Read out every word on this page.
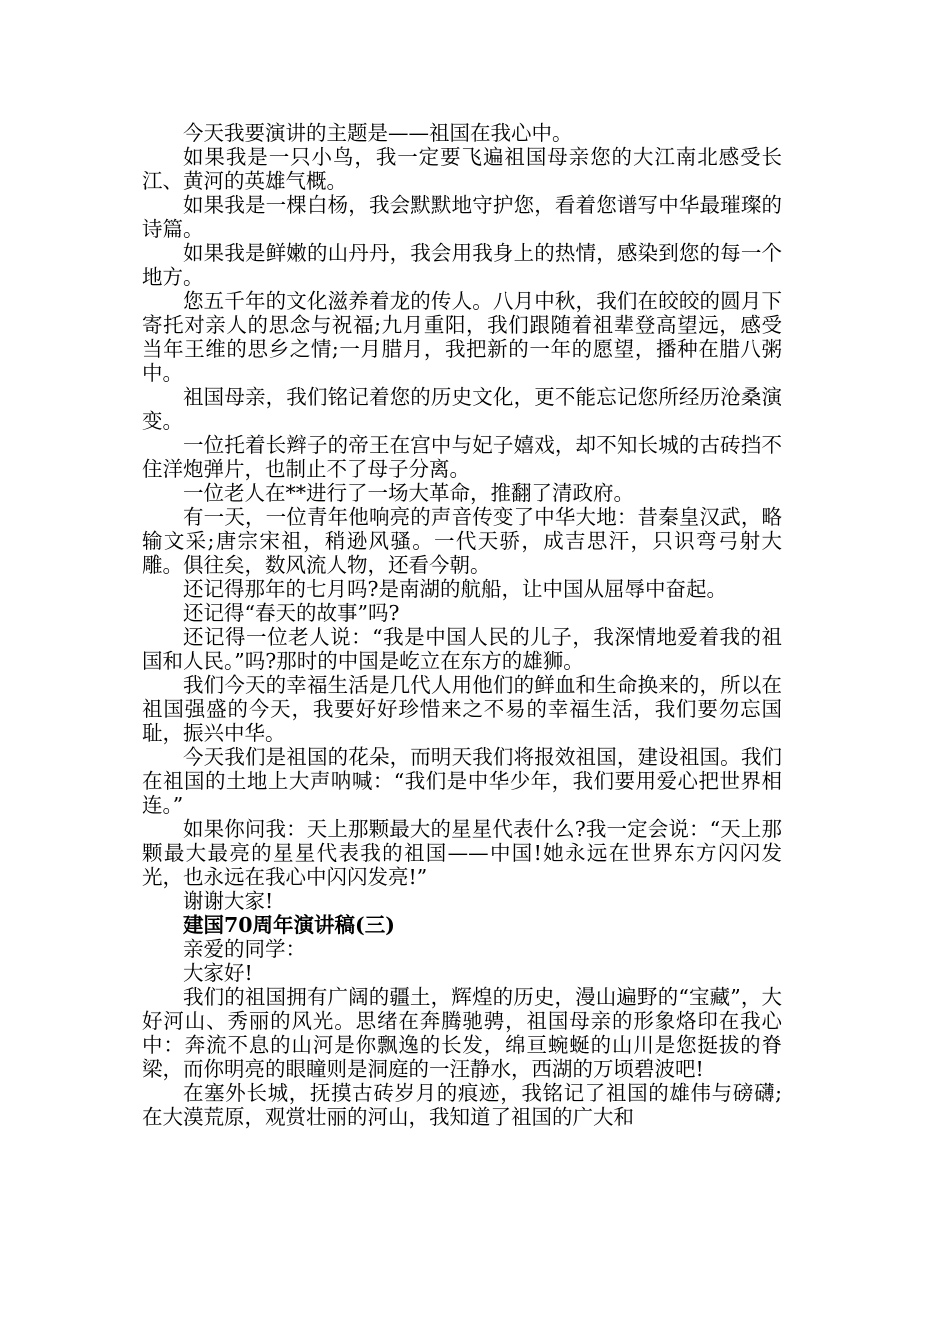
今天我要演讲的主题是——祖国在我心中。

如果我是一只小鸟，我一定要飞遍祖国母亲您的大江南北感受长江、黄河的英雄气概。

如果我是一棵白杨，我会默默地守护您，看着您谱写中华最璀璨的诗篇。

如果我是鲜嫩的山丹丹，我会用我身上的热情，感染到您的每一个地方。

您五千年的文化滋养着龙的传人。八月中秋，我们在皎皎的圆月下寄托对亲人的思念与祝福;九月重阳，我们跟随着祖辈登高望远，感受当年王维的思乡之情;一月腊月，我把新的一年的愿望，播种在腊八粥中。

祖国母亲，我们铭记着您的历史文化，更不能忘记您所经历沧桑演变。

一位托着长辫子的帝王在宫中与妃子嬉戏，却不知长城的古砖挡不住洋炮弹片，也制止不了母子分离。

一位老人在**进行了一场大革命，推翻了清政府。

有一天，一位青年他响亮的声音传变了中华大地：昔秦皇汉武，略输文采;唐宗宋祖，稍逊风骚。一代天骄，成吉思汗，只识弯弓射大雕。俱往矣，数风流人物，还看今朝。

还记得那年的七月吗?是南湖的航船，让中国从屈辱中奋起。

还记得“春天的故事”吗?

还记得一位老人说：“我是中国人民的儿子，我深情地爱着我的祖国和人民。”吗?那时的中国是屹立在东方的雄狮。

我们今天的幸福生活是几代人用他们的鲜血和生命换来的，所以在祖国强盛的今天，我要好好珍惜来之不易的幸福生活，我们要勿忘国耻，振兴中华。

今天我们是祖国的花朵，而明天我们将报效祖国，建设祖国。我们在祖国的土地上大声呐喊：“我们是中华少年，我们要用爱心把世界相连。”

如果你问我：天上那颗最大的星星代表什么?我一定会说：“天上那颗最大最亮的星星代表我的祖国——中国!她永远在世界东方闪闪发光，也永远在我心中闪闪发亮!”

谢谢大家!

建国70周年演讲稿(三)

亲爱的同学：

大家好!

我们的祖国拥有广阔的疆土，辉煌的历史，漫山遍野的“宝藏”，大好河山、秀丽的风光。思绪在奔腾驰骋，祖国母亲的形象烙印在我心中：奔流不息的山河是你飘逸的长发，绵亘蜿蜒的山川是您挺拔的脊梁，而你明亮的眼瞳则是洞庭的一汪静水，西湖的万顷碧波吧!

在塞外长城，抚摸古砖岁月的痕迹，我铭记了祖国的雄伟与磅礴;在大漠荒原，观赏壮丽的河山，我知道了祖国的广大和
